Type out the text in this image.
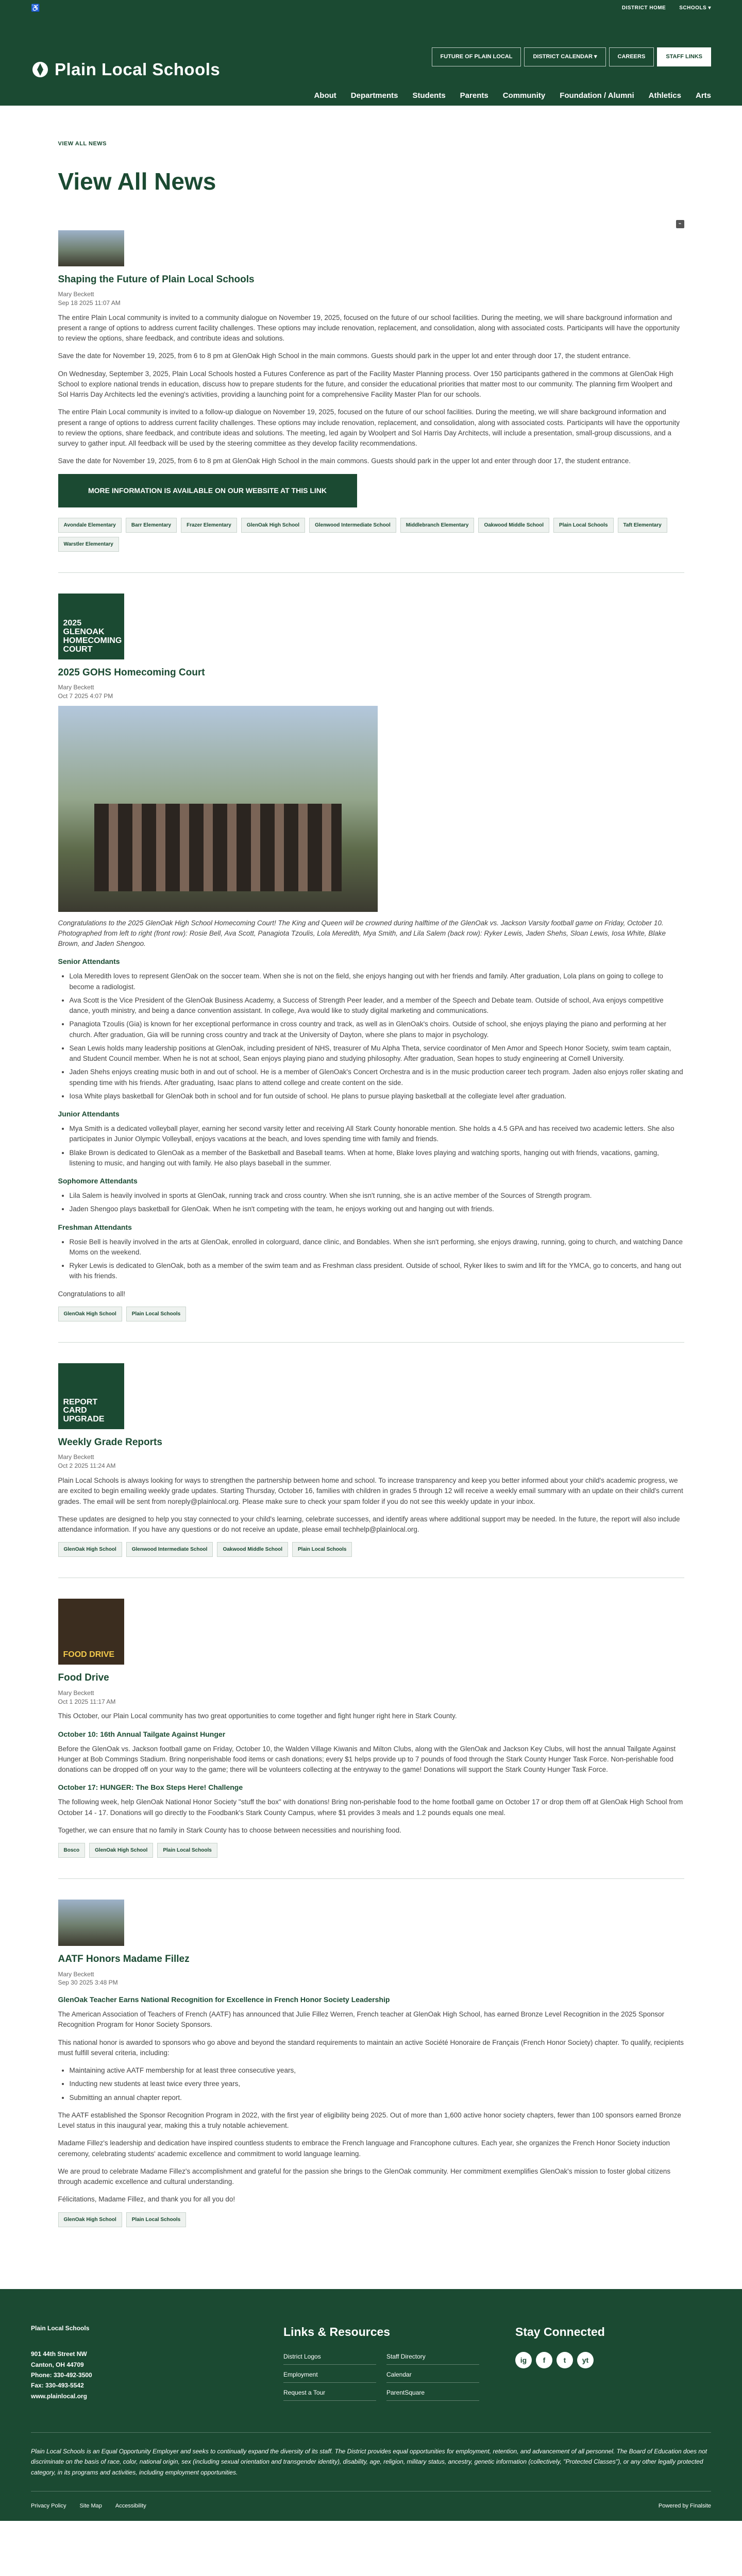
♿	DISTRICT HOME	SCHOOLS ▾
Plain Local Schools
FUTURE OF PLAIN LOCAL	DISTRICT CALENDAR ▾	CAREERS	STAFF LINKS
About Departments Students Parents Community Foundation / Alumni Athletics Arts
VIEW ALL NEWS
View All News
⌁
Shaping the Future of Plain Local Schools
Mary Beckett
Sep 18 2025 11:07 AM

The entire Plain Local community is invited to a community dialogue on November 19, 2025, focused on the future of our school facilities. During the meeting, we will share background information and present a range of options to address current facility challenges. These options may include renovation, replacement, and consolidation, along with associated costs. Participants will have the opportunity to review the options, share feedback, and contribute ideas and solutions.

Save the date for November 19, 2025, from 6 to 8 pm at GlenOak High School in the main commons. Guests should park in the upper lot and enter through door 17, the student entrance.

On Wednesday, September 3, 2025, Plain Local Schools hosted a Futures Conference as part of the Facility Master Planning process. Over 150 participants gathered in the commons at GlenOak High School to explore national trends in education, discuss how to prepare students for the future, and consider the educational priorities that matter most to our community. The planning firm Woolpert and Sol Harris Day Architects led the evening's activities, providing a launching point for a comprehensive Facility Master Plan for our schools.

The entire Plain Local community is invited to a follow-up dialogue on November 19, 2025, focused on the future of our school facilities. During the meeting, we will share background information and present a range of options to address current facility challenges. These options may include renovation, replacement, and consolidation, along with associated costs. Participants will have the opportunity to review the options, share feedback, and contribute ideas and solutions. The meeting, led again by Woolpert and Sol Harris Day Architects, will include a presentation, small-group discussions, and a survey to gather input. All feedback will be used by the steering committee as they develop facility recommendations.

Save the date for November 19, 2025, from 6 to 8 pm at GlenOak High School in the main commons. Guests should park in the upper lot and enter through door 17, the student entrance.

MORE INFORMATION IS AVAILABLE ON OUR WEBSITE AT THIS LINK
Avondale Elementary	Barr Elementary	Frazer Elementary	GlenOak High School	Glenwood Intermediate School	Middlebranch Elementary	Oakwood Middle School	Plain Local Schools	Taft Elementary
Warstler Elementary
2025 GLENOAK HOMECOMING COURT
2025 GOHS Homecoming Court
Mary Beckett
Oct 7 2025 4:07 PM

Congratulations to the 2025 GlenOak High School Homecoming Court! The King and Queen will be crowned during halftime of the GlenOak vs. Jackson Varsity football game on Friday, October 10. Photographed from left to right (front row): Rosie Bell, Ava Scott, Panagiota Tzoulis, Lola Meredith, Mya Smith, and Lila Salem (back row): Ryker Lewis, Jaden Shehs, Sloan Lewis, Iosa White, Blake Brown, and Jaden Shengoo.

Senior Attendants
• Lola Meredith loves to represent GlenOak on the soccer team. When she is not on the field, she enjoys hanging out with her friends and family. After graduation, Lola plans on going to college to become a radiologist.
• Ava Scott is the Vice President of the GlenOak Business Academy, a Success of Strength Peer leader, and a member of the Speech and Debate team. Outside of school, Ava enjoys competitive dance, youth ministry, and being a dance convention assistant. In college, Ava would like to study digital marketing and communications.
• Panagiota Tzoulis (Gia) is known for her exceptional performance in cross country and track, as well as in GlenOak's choirs. Outside of school, she enjoys playing the piano and performing at her church. After graduation, Gia will be running cross country and track at the University of Dayton, where she plans to major in psychology.
• Sean Lewis holds many leadership positions at GlenOak, including president of NHS, treasurer of Mu Alpha Theta, service coordinator of Men Amor and Speech Honor Society, swim team captain, and Student Council member. When he is not at school, Sean enjoys playing piano and studying philosophy. After graduation, Sean hopes to study engineering at Cornell University.
• Jaden Shehs enjoys creating music both in and out of school. He is a member of GlenOak's Concert Orchestra and is in the music production career tech program. Jaden also enjoys roller skating and spending time with his friends. After graduating, Isaac plans to attend college and create content on the side.
• Iosa White plays basketball for GlenOak both in school and for fun outside of school. He plans to pursue playing basketball at the collegiate level after graduation.
Junior Attendants
• Mya Smith is a dedicated volleyball player, earning her second varsity letter and receiving All Stark County honorable mention. She holds a 4.5 GPA and has received two academic letters. She also participates in Junior Olympic Volleyball, enjoys vacations at the beach, and loves spending time with family and friends.
• Blake Brown is dedicated to GlenOak as a member of the Basketball and Baseball teams. When at home, Blake loves playing and watching sports, hanging out with friends, vacations, gaming, listening to music, and hanging out with family. He also plays baseball in the summer.
Sophomore Attendants
• Lila Salem is heavily involved in sports at GlenOak, running track and cross country. When she isn't running, she is an active member of the Sources of Strength program.
• Jaden Shengoo plays basketball for GlenOak. When he isn't competing with the team, he enjoys working out and hanging out with friends.
Freshman Attendants
• Rosie Bell is heavily involved in the arts at GlenOak, enrolled in colorguard, dance clinic, and Bondables. When she isn't performing, she enjoys drawing, running, going to church, and watching Dance Moms on the weekend.
• Ryker Lewis is dedicated to GlenOak, both as a member of the swim team and as Freshman class president. Outside of school, Ryker likes to swim and lift for the YMCA, go to concerts, and hang out with his friends.

Congratulations to all!

GlenOak High School	Plain Local Schools
REPORT CARD UPGRADE
Weekly Grade Reports
Mary Beckett
Oct 2 2025 11:24 AM

Plain Local Schools is always looking for ways to strengthen the partnership between home and school. To increase transparency and keep you better informed about your child's academic progress, we are excited to begin emailing weekly grade updates. Starting Thursday, October 16, families with children in grades 5 through 12 will receive a weekly email summary with an update on their child's current grades. The email will be sent from noreply@plainlocal.org. Please make sure to check your spam folder if you do not see this weekly update in your inbox.

These updates are designed to help you stay connected to your child's learning, celebrate successes, and identify areas where additional support may be needed. In the future, the report will also include attendance information. If you have any questions or do not receive an update, please email techhelp@plainlocal.org.

GlenOak High School	Glenwood Intermediate School	Oakwood Middle School	Plain Local Schools
FOOD DRIVE
Food Drive
Mary Beckett
Oct 1 2025 11:17 AM

This October, our Plain Local community has two great opportunities to come together and fight hunger right here in Stark County.

October 10: 16th Annual Tailgate Against Hunger

Before the GlenOak vs. Jackson football game on Friday, October 10, the Walden Village Kiwanis and Milton Clubs, along with the GlenOak and Jackson Key Clubs, will host the annual Tailgate Against Hunger at Bob Commings Stadium. Bring nonperishable food items or cash donations; every $1 helps provide up to 7 pounds of food through the Stark County Hunger Task Force. Non-perishable food donations can be dropped off on your way to the game; there will be volunteers collecting at the entryway to the game! Donations will support the Stark County Hunger Task Force.

October 17: HUNGER: The Box Steps Here! Challenge

The following week, help GlenOak National Honor Society "stuff the box" with donations! Bring non-perishable food to the home football game on October 17 or drop them off at GlenOak High School from October 14 - 17. Donations will go directly to the Foodbank's Stark County Campus, where $1 provides 3 meals and 1.2 pounds equals one meal.

Together, we can ensure that no family in Stark County has to choose between necessities and nourishing food.

Bosco	GlenOak High School	Plain Local Schools
AATF Honors Madame Fillez
Mary Beckett
Sep 30 2025 3:48 PM
GlenOak Teacher Earns National Recognition for Excellence in French Honor Society Leadership

The American Association of Teachers of French (AATF) has announced that Julie Fillez Werren, French teacher at GlenOak High School, has earned Bronze Level Recognition in the 2025 Sponsor Recognition Program for Honor Society Sponsors.

This national honor is awarded to sponsors who go above and beyond the standard requirements to maintain an active Société Honoraire de Français (French Honor Society) chapter. To qualify, recipients must fulfill several criteria, including:

• Maintaining active AATF membership for at least three consecutive years,
• Inducting new students at least twice every three years,
• Submitting an annual chapter report.

The AATF established the Sponsor Recognition Program in 2022, with the first year of eligibility being 2025. Out of more than 1,600 active honor society chapters, fewer than 100 sponsors earned Bronze Level status in this inaugural year, making this a truly notable achievement.

Madame Fillez's leadership and dedication have inspired countless students to embrace the French language and Francophone cultures. Each year, she organizes the French Honor Society induction ceremony, celebrating students' academic excellence and commitment to world language learning.

We are proud to celebrate Madame Fillez's accomplishment and grateful for the passion she brings to the GlenOak community. Her commitment exemplifies GlenOak's mission to foster global citizens through academic excellence and cultural understanding.

Félicitations, Madame Fillez, and thank you for all you do!

GlenOak High School	Plain Local Schools
Plain Local Schools
901 44th Street NW
Canton, OH 44709
Phone: 330-492-3500
Fax: 330-493-5542
www.plainlocal.org
Links & Resources
District Logos	Staff Directory
Employment	Calendar
Request a Tour	ParentSquare
Stay Connected
ig	f	t	yt
Plain Local Schools is an Equal Opportunity Employer and seeks to continually expand the diversity of its staff. The District provides equal opportunities for employment, retention, and advancement of all personnel. The Board of Education does not discriminate on the basis of race, color, national origin, sex (including sexual orientation and transgender identity), disability, age, religion, military status, ancestry, genetic information (collectively, "Protected Classes"), or any other legally protected category, in its programs and activities, including employment opportunities.
Privacy Policy Site Map Accessibility	Powered by Finalsite
